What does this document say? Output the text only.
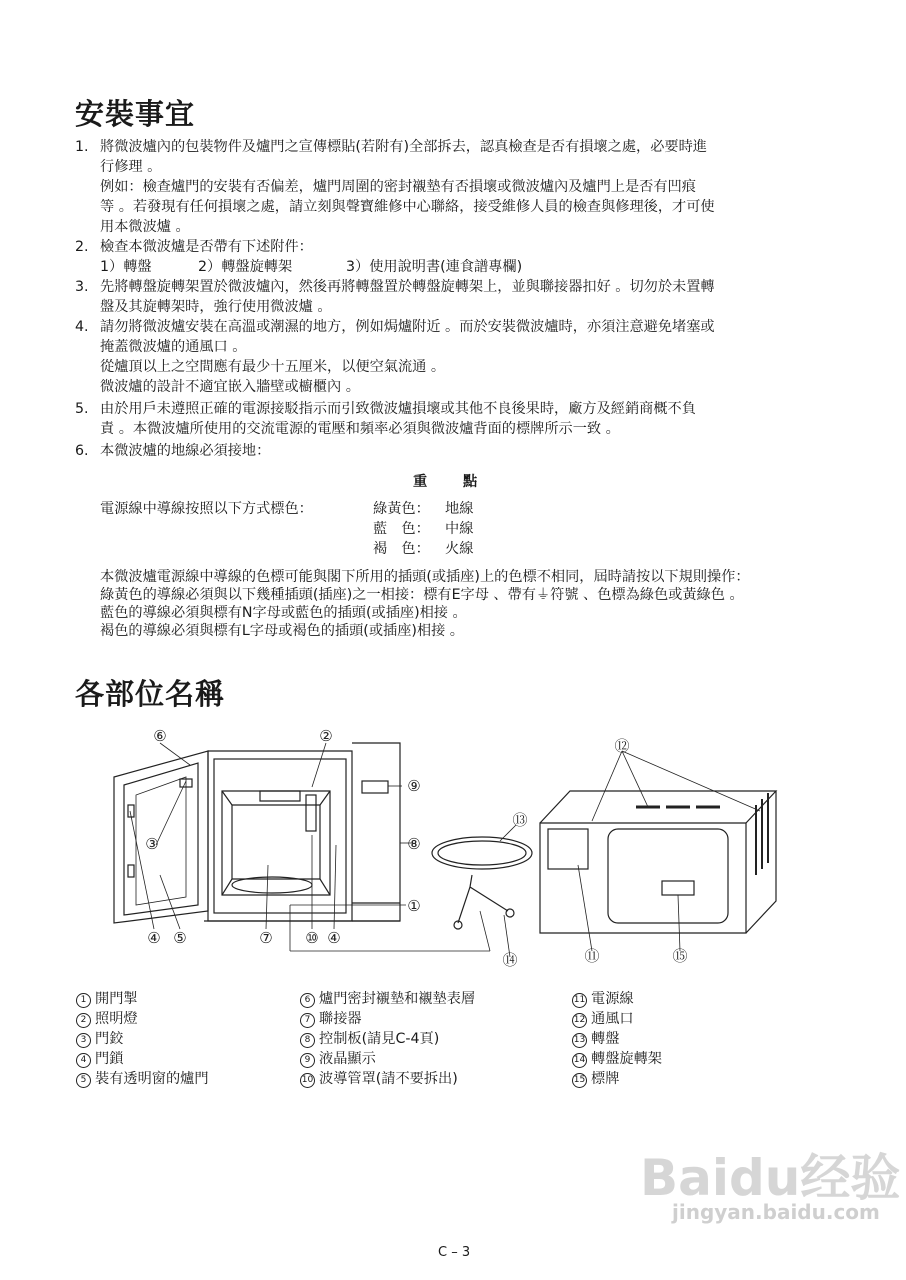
安裝事宜
1. 將微波爐內的包裝物件及爐門之宣傳標貼(若附有)全部拆去，認真檢查是否有損壞之處，必要時進
行修理 。
例如：檢查爐門的安裝有否偏差，爐門周圍的密封襯墊有否損壞或微波爐內及爐門上是否有凹痕
等 。若發現有任何損壞之處，請立刻與聲寶維修中心聯絡，接受維修人員的檢查與修理後，才可使
用本微波爐 。
2. 檢查本微波爐是否帶有下述附件：
1）轉盤	2）轉盤旋轉架	3）使用說明書(連食譜專欄)
3. 先將轉盤旋轉架置於微波爐內，然後再將轉盤置於轉盤旋轉架上，並與聯接器扣好 。切勿於未置轉
盤及其旋轉架時，強行使用微波爐 。
4. 請勿將微波爐安裝在高溫或潮濕的地方，例如焗爐附近 。而於安裝微波爐時，亦須注意避免堵塞或
掩蓋微波爐的通風口 。
從爐頂以上之空間應有最少十五厘米，以便空氣流通 。
微波爐的設計不適宜嵌入牆壁或櫥櫃內 。
5. 由於用戶未遵照正確的電源接駁指示而引致微波爐損壞或其他不良後果時，廠方及經銷商概不負
責 。本微波爐所使用的交流電源的電壓和頻率必須與微波爐背面的標牌所示一致 。
6. 本微波爐的地線必須接地：
重	點
電源線中導線按照以下方式標色：	綠黃色： 地線
藍　色： 中線
褐　色： 火線
本微波爐電源線中導線的色標可能與閣下所用的插頭(或插座)上的色標不相同，屆時請按以下規則操作：
綠黃色的導線必須與以下幾種插頭(插座)之一相接：標有E字母 、帶有⏚符號 、色標為綠色或黃綠色 。
藍色的導線必須與標有N字母或藍色的插頭(或插座)相接 。
褐色的導線必須與標有L字母或褐色的插頭(或插座)相接 。
各部位名稱
⑥	②
③
④ ⑤	⑦ ⑩ ④
⑨
⑧
①
⑬
⑭
⑫
⑪	⑮
1 開門掣
2 照明燈
3 門鉸
4 門鎖
5 裝有透明窗的爐門
6 爐門密封襯墊和襯墊表層
7 聯接器
8 控制板(請見C-4頁)
9 液晶顯示
10 波導管罩(請不要拆出)
11 電源線
12 通風口
13 轉盤
14 轉盤旋轉架
15 標牌
Baidu经验
jingyan.baidu.com
C – 3
